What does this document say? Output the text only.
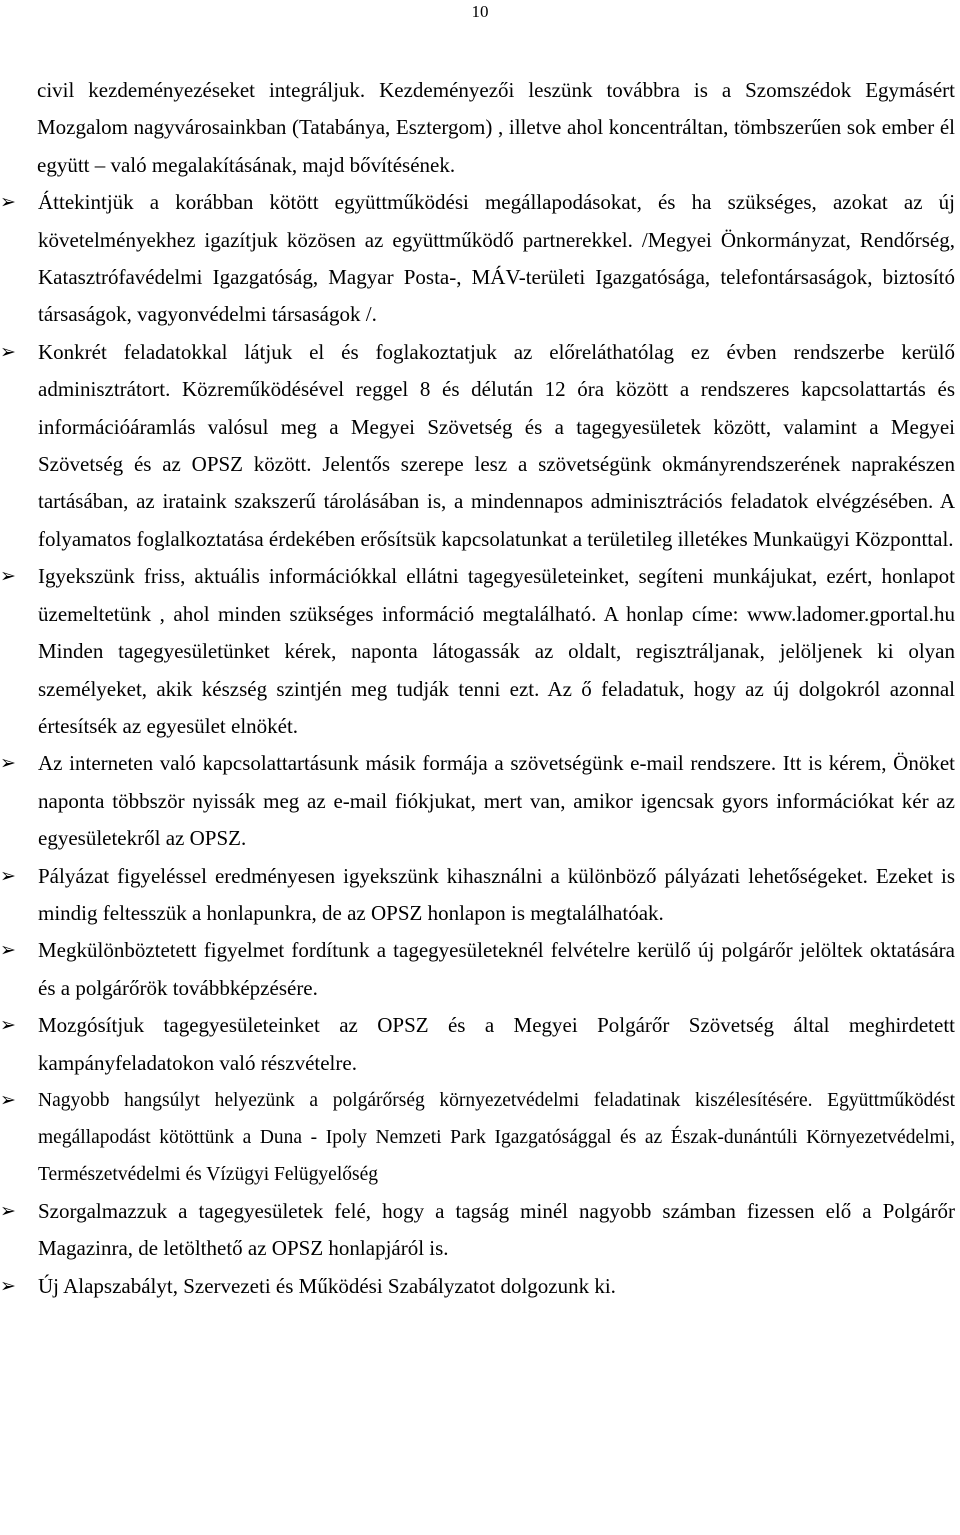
10

civil kezdeményezéseket integráljuk. Kezdeményezői leszünk továbbra is a Szomszédok Egymásért Mozgalom nagyvárosainkban (Tatabánya, Esztergom) , illetve ahol koncentráltan, tömbszerűen sok ember él együtt – való megalakításának, majd bővítésének.

➢	Áttekintjük a korábban kötött együttműködési megállapodásokat, és ha szükséges, azokat az új követelményekhez igazítjuk közösen az együttműködő partnerekkel. /Megyei Önkormányzat, Rendőrség, Katasztrófavédelmi Igazgatóság, Magyar Posta-, MÁV-területi Igazgatósága, telefontársaságok, biztosító társaságok, vagyonvédelmi társaságok /.

➢	Konkrét feladatokkal látjuk el és foglakoztatjuk az előreláthatólag ez évben rendszerbe kerülő adminisztrátort. Közreműködésével reggel 8 és délután 12 óra között a rendszeres kapcsolattartás és információáramlás valósul meg a Megyei Szövetség és a tagegyesületek között, valamint a Megyei Szövetség és az OPSZ között. Jelentős szerepe lesz a szövetségünk okmányrendszerének naprakészen tartásában, az irataink szakszerű tárolásában is, a mindennapos adminisztrációs feladatok elvégzésében. A folyamatos foglalkoztatása érdekében erősítsük kapcsolatunkat a területileg illetékes Munkaügyi Központtal.

➢	Igyekszünk friss, aktuális információkkal ellátni tagegyesületeinket, segíteni munkájukat, ezért, honlapot üzemeltetünk , ahol minden szükséges információ megtalálható. A honlap címe: www.ladomer.gportal.hu Minden tagegyesületünket kérek, naponta látogassák az oldalt, regisztráljanak, jelöljenek ki olyan személyeket, akik készség szintjén meg tudják tenni ezt. Az ő feladatuk, hogy az új dolgokról azonnal értesítsék az egyesület elnökét.

➢	Az interneten való kapcsolattartásunk másik formája a szövetségünk e-mail rendszere. Itt is kérem, Önöket naponta többször nyissák meg az e-mail fiókjukat, mert van, amikor igencsak gyors információkat kér az egyesületekről az OPSZ.

➢	Pályázat figyeléssel eredményesen igyekszünk kihasználni a különböző pályázati lehetőségeket. Ezeket is mindig feltesszük a honlapunkra, de az OPSZ honlapon is megtalálhatóak.

➢	Megkülönböztetett figyelmet fordítunk a tagegyesületeknél felvételre kerülő új polgárőr jelöltek oktatására és a polgárőrök továbbképzésére.

➢	Mozgósítjuk tagegyesületeinket az OPSZ és a Megyei Polgárőr Szövetség által meghirdetett kampányfeladatokon való részvételre.

➢	Nagyobb hangsúlyt helyezünk a polgárőrség környezetvédelmi feladatinak kiszélesítésére. Együttműködést megállapodást kötöttünk a Duna - Ipoly Nemzeti Park Igazgatósággal és az Észak-dunántúli Környezetvédelmi, Természetvédelmi és Vízügyi Felügyelőség

➢	Szorgalmazzuk a tagegyesületek felé, hogy a tagság minél nagyobb számban fizessen elő a Polgárőr Magazinra, de letölthető az OPSZ honlapjáról is.

➢	Új Alapszabályt, Szervezeti és Működési Szabályzatot dolgozunk ki.
